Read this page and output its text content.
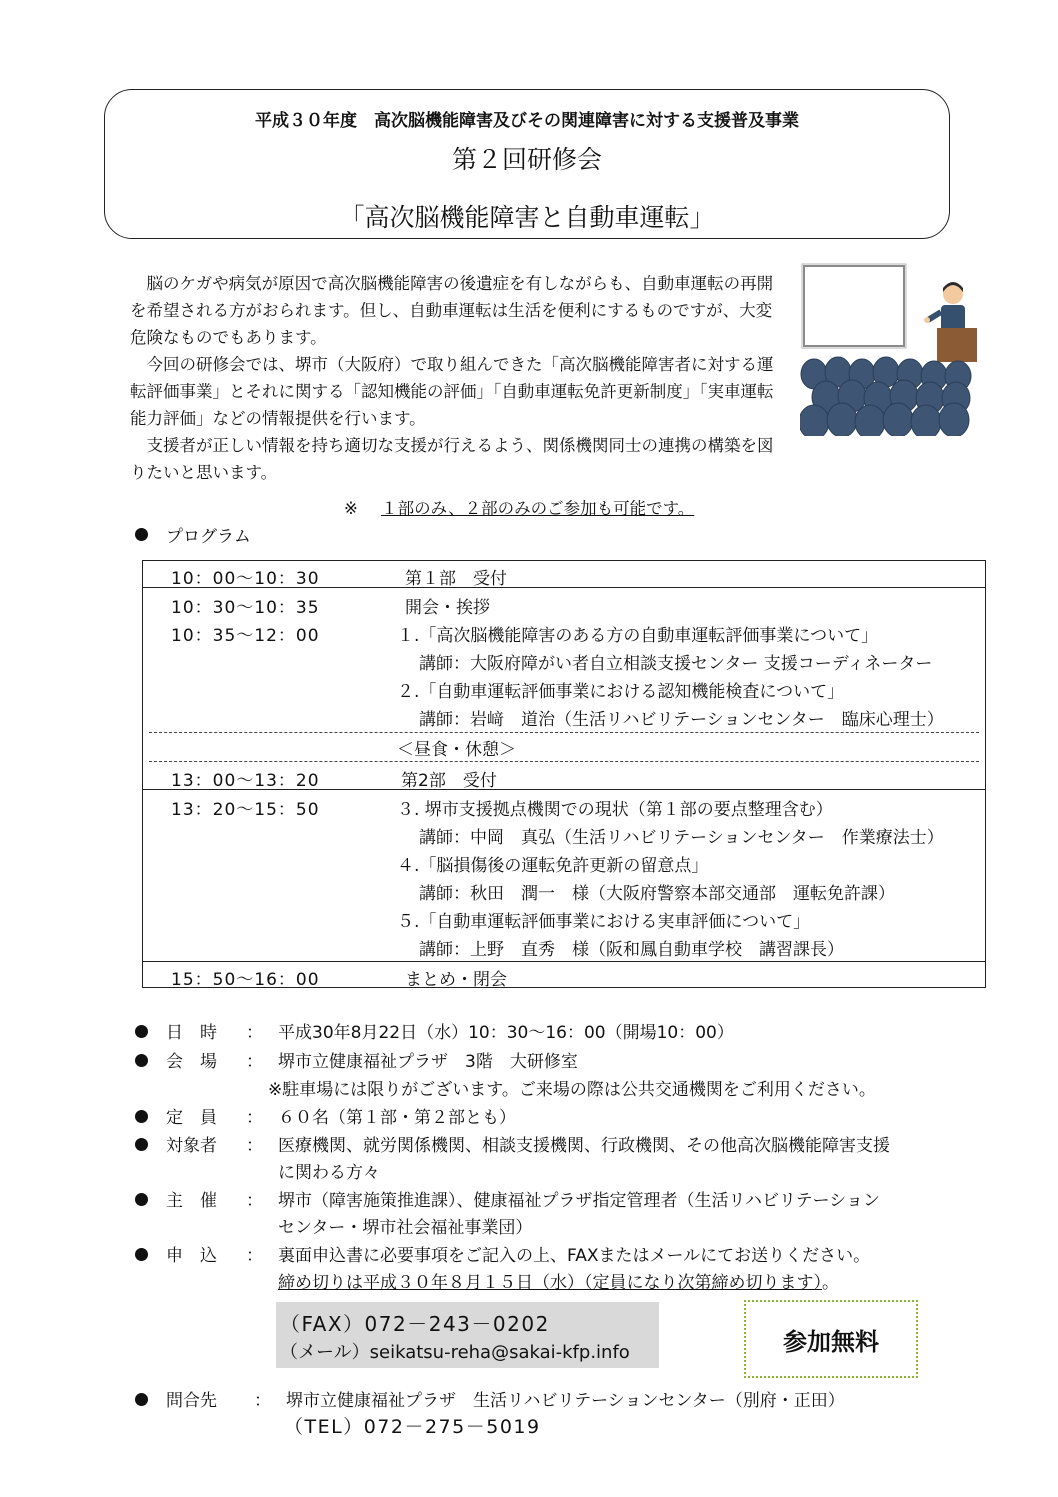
平成３０年度　高次脳機能障害及びその関連障害に対する支援普及事業
第２回研修会
「高次脳機能障害と自動車運転」

　脳のケガや病気が原因で高次脳機能障害の後遺症を有しながらも、自動車運転の再開を希望される方がおられます。但し、自動車運転は生活を便利にするものですが、大変危険なものでもあります。

　今回の研修会では、堺市（大阪府）で取り組んできた「高次脳機能障害者に対する運転評価事業」とそれに関する「認知機能の評価」「自動車運転免許更新制度」「実車運転能力評価」などの情報提供を行います。

　支援者が正しい情報を持ち適切な支援が行えるよう、関係機関同士の連携の構築を図りたいと思います。

※ １部のみ、２部のみのご参加も可能です。
プログラム
10：00～10：30	第１部　受付
10：30～10：35	開会・挨拶
10：35～12：00	１.「高次脳機能障害のある方の自動車運転評価事業について」
講師：大阪府障がい者自立相談支援センター 支援コーディネーター
２.「自動車運転評価事業における認知機能検査について」
講師：岩﨑　道治（生活リハビリテーションセンター　臨床心理士）
＜昼食・休憩＞
13：00～13：20	第2部　受付
13：20～15：50	３. 堺市支援拠点機関での現状（第１部の要点整理含む）
講師：中岡　真弘（生活リハビリテーションセンター　作業療法士）
４.「脳損傷後の運転免許更新の留意点」
講師：秋田　潤一　様（大阪府警察本部交通部　運転免許課）
５.「自動車運転評価事業における実車評価について」
講師：上野　直秀　様（阪和鳳自動車学校　講習課長）
15：50～16：00	まとめ・閉会
日　時 ： 平成30年8月22日（水）10：30～16：00（開場10：00）
会　場 ： 堺市立健康福祉プラザ　3階　大研修室
※駐車場には限りがございます。ご来場の際は公共交通機関をご利用ください。
定　員 ： ６０名（第１部・第２部とも）
対象者 ： 医療機関、就労関係機関、相談支援機関、行政機関、その他高次脳機能障害支援
に関わる方々
主　催 ： 堺市（障害施策推進課）、健康福祉プラザ指定管理者（生活リハビリテーション
センター・堺市社会福祉事業団）
申　込 ： 裏面申込書に必要事項をご記入の上、FAXまたはメールにてお送りください。
締め切りは平成３０年８月１５日（水）（定員になり次第締め切ります）。
（FAX）072－243－0202
（メール）seikatsu-reha@sakai-kfp.info	参加無料
問合先 ： 堺市立健康福祉プラザ　生活リハビリテーションセンター（別府・正田）
（TEL）072－275－5019
